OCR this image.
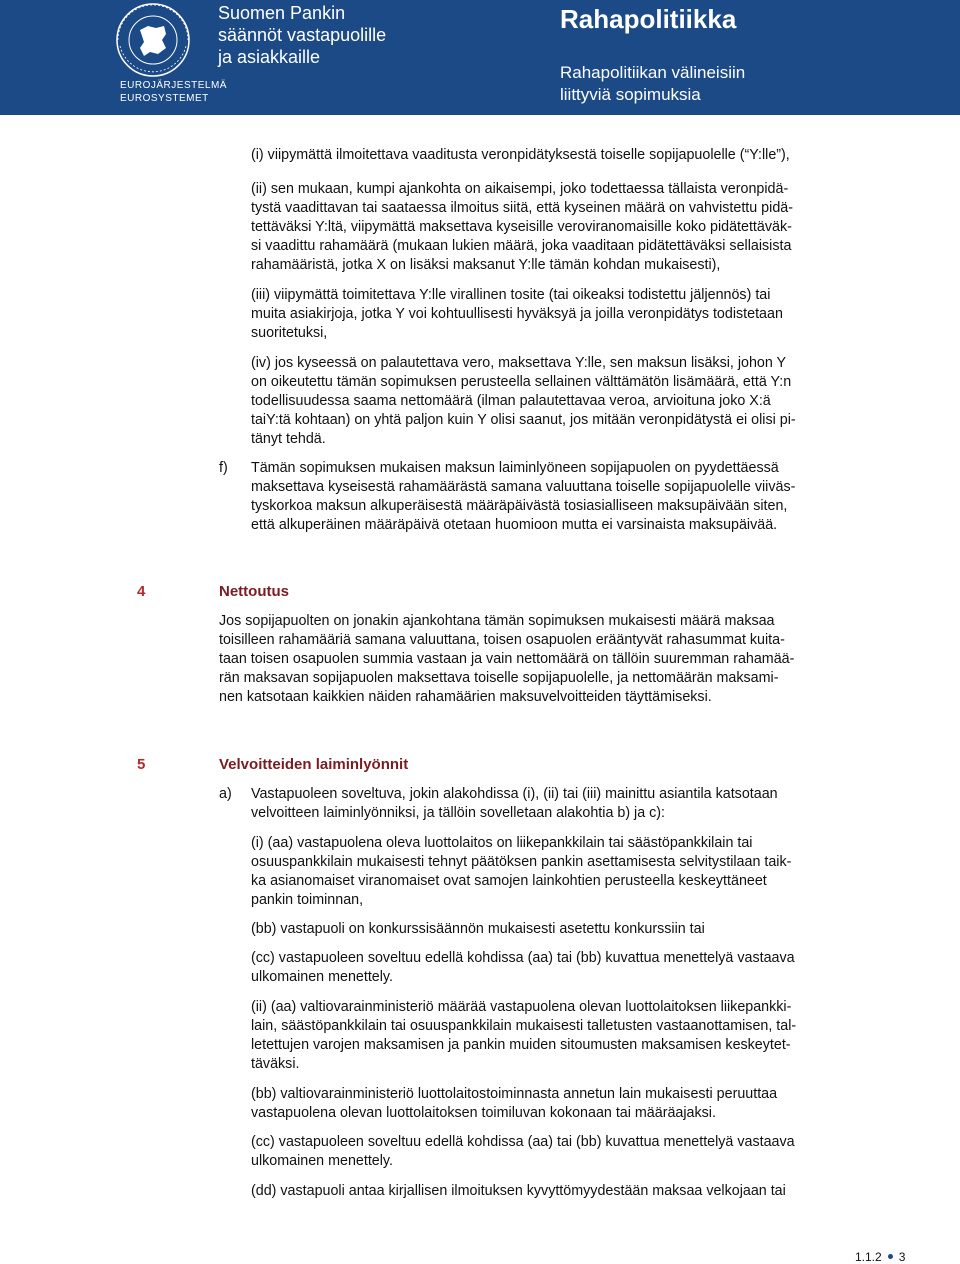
EUROJÄRJESTELMÄ
EUROSYSTEMET
Suomen Pankin
säännöt vastapuolille
ja asiakkaille
Rahapolitiikka
Rahapolitiikan välineisiin
liittyviä sopimuksia
(i) viipymättä ilmoitettava vaaditusta veronpidätyksestä toiselle sopijapuolelle (“Y:lle”),
(ii) sen mukaan, kumpi ajankohta on aikaisempi, joko todettaessa tällaista veronpidä-
tystä vaadittavan tai saataessa ilmoitus siitä, että kyseinen määrä on vahvistettu pidä-
tettäväksi Y:ltä, viipymättä maksettava kyseisille veroviranomaisille koko pidätettäväk-
si vaadittu rahamäärä (mukaan lukien määrä, joka vaaditaan pidätettäväksi sellaisista
rahamääristä, jotka X on lisäksi maksanut Y:lle tämän kohdan mukaisesti),
(iii) viipymättä toimitettava Y:lle virallinen tosite (tai oikeaksi todistettu jäljennös) tai
muita asiakirjoja, jotka Y voi kohtuullisesti hyväksyä ja joilla veronpidätys todistetaan
suoritetuksi,
(iv) jos kyseessä on palautettava vero, maksettava Y:lle, sen maksun lisäksi, johon Y
on oikeutettu tämän sopimuksen perusteella sellainen välttämätön lisämäärä, että Y:n
todellisuudessa saama nettomäärä (ilman palautettavaa veroa, arvioituna joko X:ä
taiY:tä kohtaan) on yhtä paljon kuin Y olisi saanut, jos mitään veronpidätystä ei olisi pi-
tänyt tehdä.
f) Tämän sopimuksen mukaisen maksun laiminlyöneen sopijapuolen on pyydettäessä
maksettava kyseisestä rahamäärästä samana valuuttana toiselle sopijapuolelle viiväs-
tyskorkoa maksun alkuperäisestä määräpäivästä tosiasialliseen maksupäivään siten,
että alkuperäinen määräpäivä otetaan huomioon mutta ei varsinaista maksupäivää.
4	Nettoutus
Jos sopijapuolten on jonakin ajankohtana tämän sopimuksen mukaisesti määrä maksaa
toisilleen rahamääriä samana valuuttana, toisen osapuolen erääntyvät rahasummat kuita-
taan toisen osapuolen summia vastaan ja vain nettomäärä on tällöin suuremman rahamää-
rän maksavan sopijapuolen maksettava toiselle sopijapuolelle, ja nettomäärän maksami-
nen katsotaan kaikkien näiden rahamäärien maksuvelvoitteiden täyttämiseksi.
5	Velvoitteiden laiminlyönnit
a) Vastapuoleen soveltuva, jokin alakohdissa (i), (ii) tai (iii) mainittu asiantila katsotaan
velvoitteen laiminlyönniksi, ja tällöin sovelletaan alakohtia b) ja c):
(i) (aa) vastapuolena oleva luottolaitos on liikepankkilain tai säästöpankkilain tai
osuuspankkilain mukaisesti tehnyt päätöksen pankin asettamisesta selvitystilaan taik-
ka asianomaiset viranomaiset ovat samojen lainkohtien perusteella keskeyttäneet
pankin toiminnan,
(bb) vastapuoli on konkurssisäännön mukaisesti asetettu konkurssiin tai
(cc) vastapuoleen soveltuu edellä kohdissa (aa) tai (bb) kuvattua menettelyä vastaava
ulkomainen menettely.
(ii) (aa) valtiovarainministeriö määrää vastapuolena olevan luottolaitoksen liikepankki-
lain, säästöpankkilain tai osuuspankkilain mukaisesti talletusten vastaanottamisen, tal-
letettujen varojen maksamisen ja pankin muiden sitoumusten maksamisen keskeytet-
täväksi.
(bb) valtiovarainministeriö luottolaitostoiminnasta annetun lain mukaisesti peruuttaa
vastapuolena olevan luottolaitoksen toimiluvan kokonaan tai määräajaksi.
(cc) vastapuoleen soveltuu edellä kohdissa (aa) tai (bb) kuvattua menettelyä vastaava
ulkomainen menettely.
(dd) vastapuoli antaa kirjallisen ilmoituksen kyvyttömyydestään maksaa velkojaan tai
1.1.2 3
